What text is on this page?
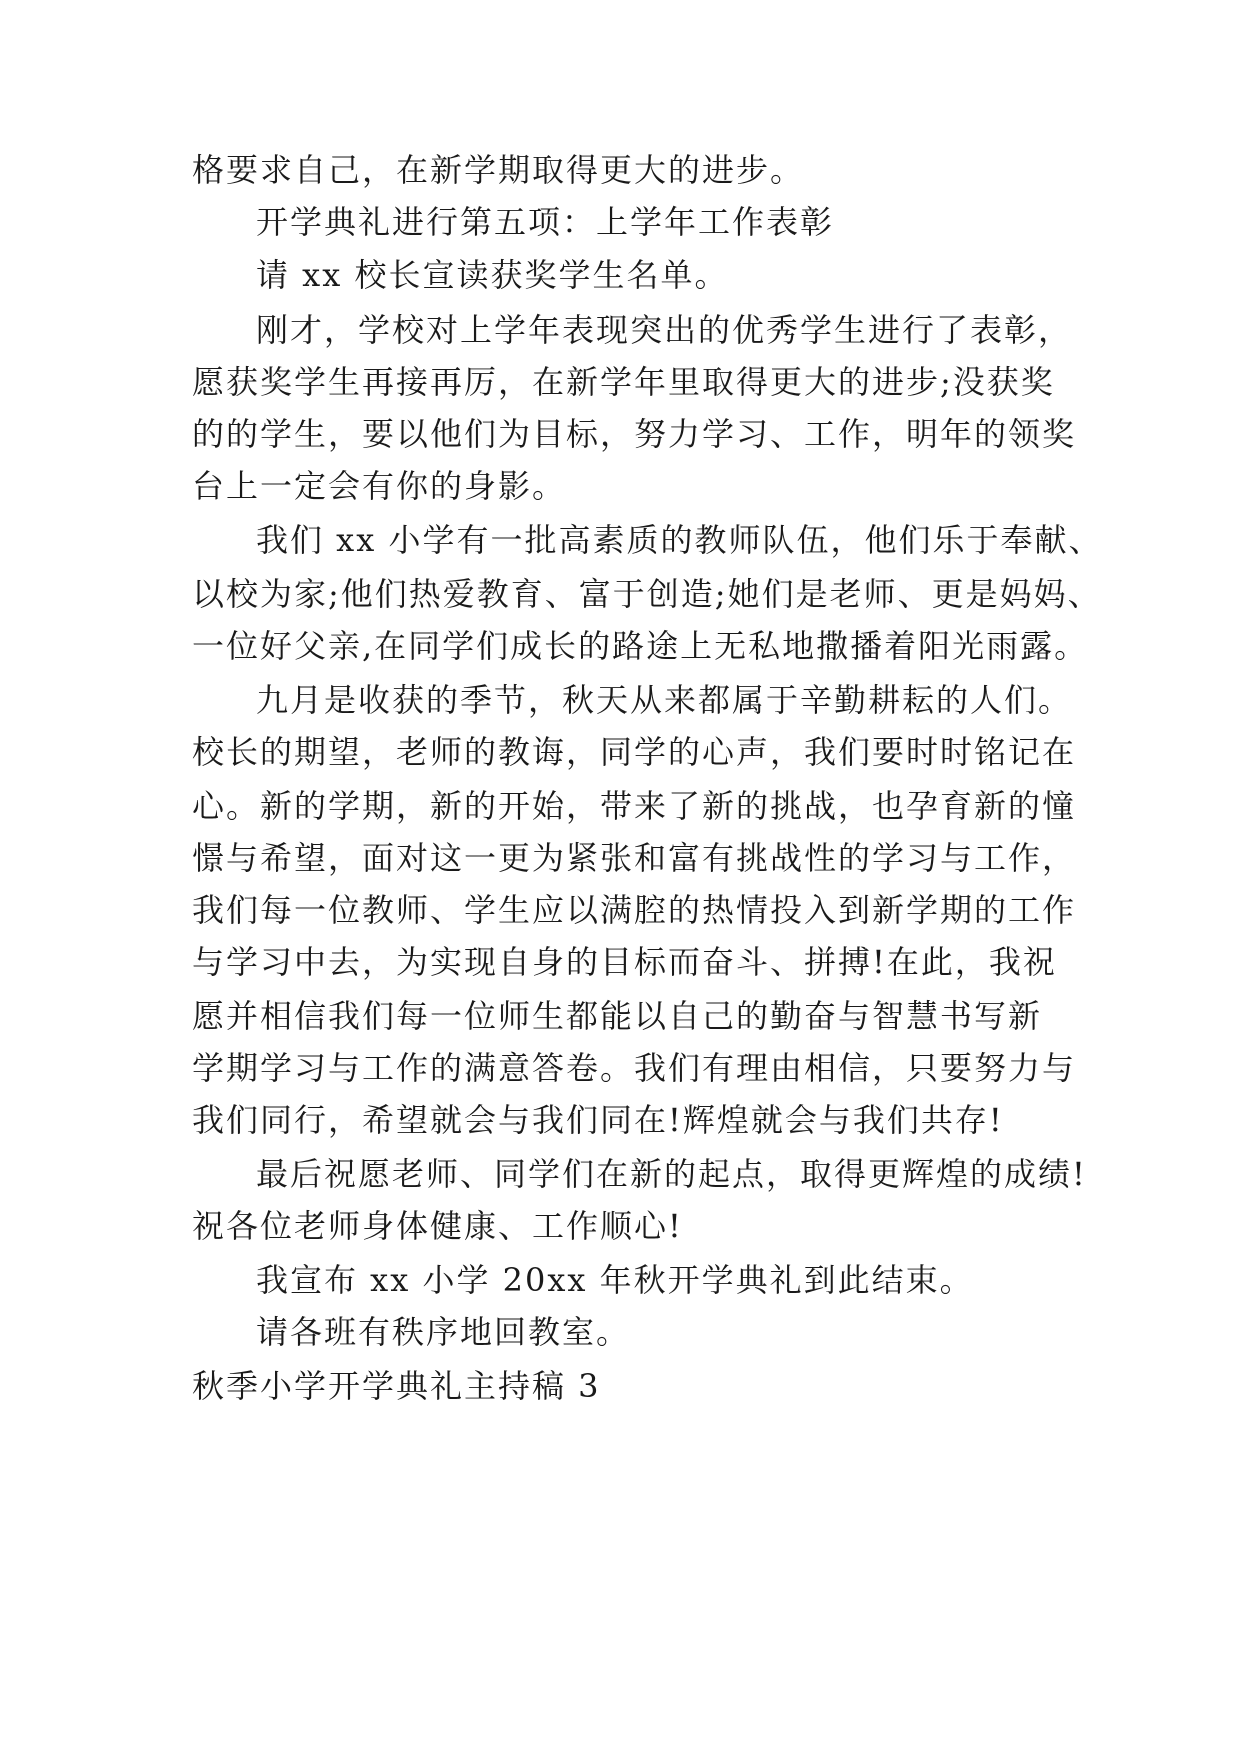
格要求自己，在新学期取得更大的进步。
开学典礼进行第五项：上学年工作表彰
请 xx 校长宣读获奖学生名单。
刚才，学校对上学年表现突出的优秀学生进行了表彰，
愿获奖学生再接再厉，在新学年里取得更大的进步;没获奖
的的学生，要以他们为目标，努力学习、工作，明年的领奖
台上一定会有你的身影。
我们 xx 小学有一批高素质的教师队伍，他们乐于奉献、
以校为家;他们热爱教育、富于创造;她们是老师、更是妈妈、
一位好父亲,在同学们成长的路途上无私地撒播着阳光雨露。
九月是收获的季节，秋天从来都属于辛勤耕耘的人们。
校长的期望，老师的教诲，同学的心声，我们要时时铭记在
心。新的学期，新的开始，带来了新的挑战，也孕育新的憧
憬与希望，面对这一更为紧张和富有挑战性的学习与工作，
我们每一位教师、学生应以满腔的热情投入到新学期的工作
与学习中去，为实现自身的目标而奋斗、拼搏!在此，我祝
愿并相信我们每一位师生都能以自己的勤奋与智慧书写新
学期学习与工作的满意答卷。我们有理由相信，只要努力与
我们同行，希望就会与我们同在!辉煌就会与我们共存!
最后祝愿老师、同学们在新的起点，取得更辉煌的成绩!
祝各位老师身体健康、工作顺心!
我宣布 xx 小学 20xx 年秋开学典礼到此结束。
请各班有秩序地回教室。
秋季小学开学典礼主持稿 3
